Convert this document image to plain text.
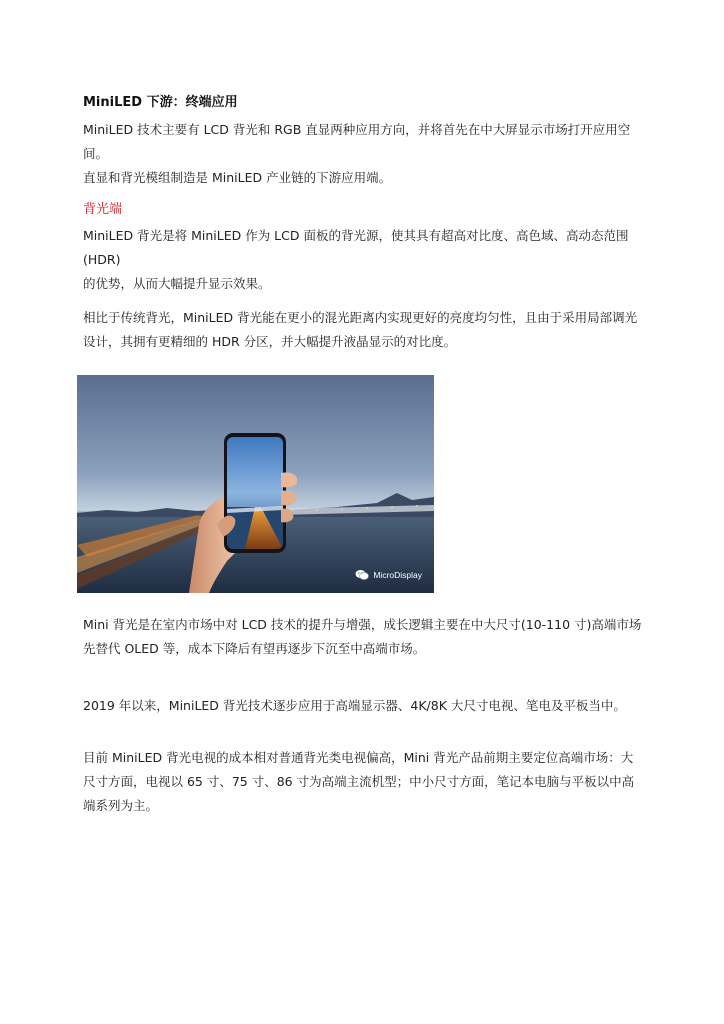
MiniLED 下游：终端应用
MiniLED 技术主要有 LCD 背光和 RGB 直显两种应用方向，并将首先在中大屏显示市场打开应用空间。
直显和背光模组制造是 MiniLED 产业链的下游应用端。
背光端
MiniLED 背光是将 MiniLED 作为 LCD 面板的背光源，使其具有超高对比度、高色域、高动态范围(HDR)
的优势，从而大幅提升显示效果。
相比于传统背光，MiniLED 背光能在更小的混光距离内实现更好的亮度均匀性，且由于采用局部调光
设计，其拥有更精细的 HDR 分区，并大幅提升液晶显示的对比度。
Mini 背光是在室内市场中对 LCD 技术的提升与增强，成长逻辑主要在中大尺寸(10-110 寸)高端市场
先替代 OLED 等，成本下降后有望再逐步下沉至中高端市场。
2019 年以来，MiniLED 背光技术逐步应用于高端显示器、4K/8K 大尺寸电视、笔电及平板当中。
目前 MiniLED 背光电视的成本相对普通背光类电视偏高，Mini 背光产品前期主要定位高端市场：大
尺寸方面，电视以 65 寸、75 寸、86 寸为高端主流机型；中小尺寸方面，笔记本电脑与平板以中高
端系列为主。
MicroDisplay
